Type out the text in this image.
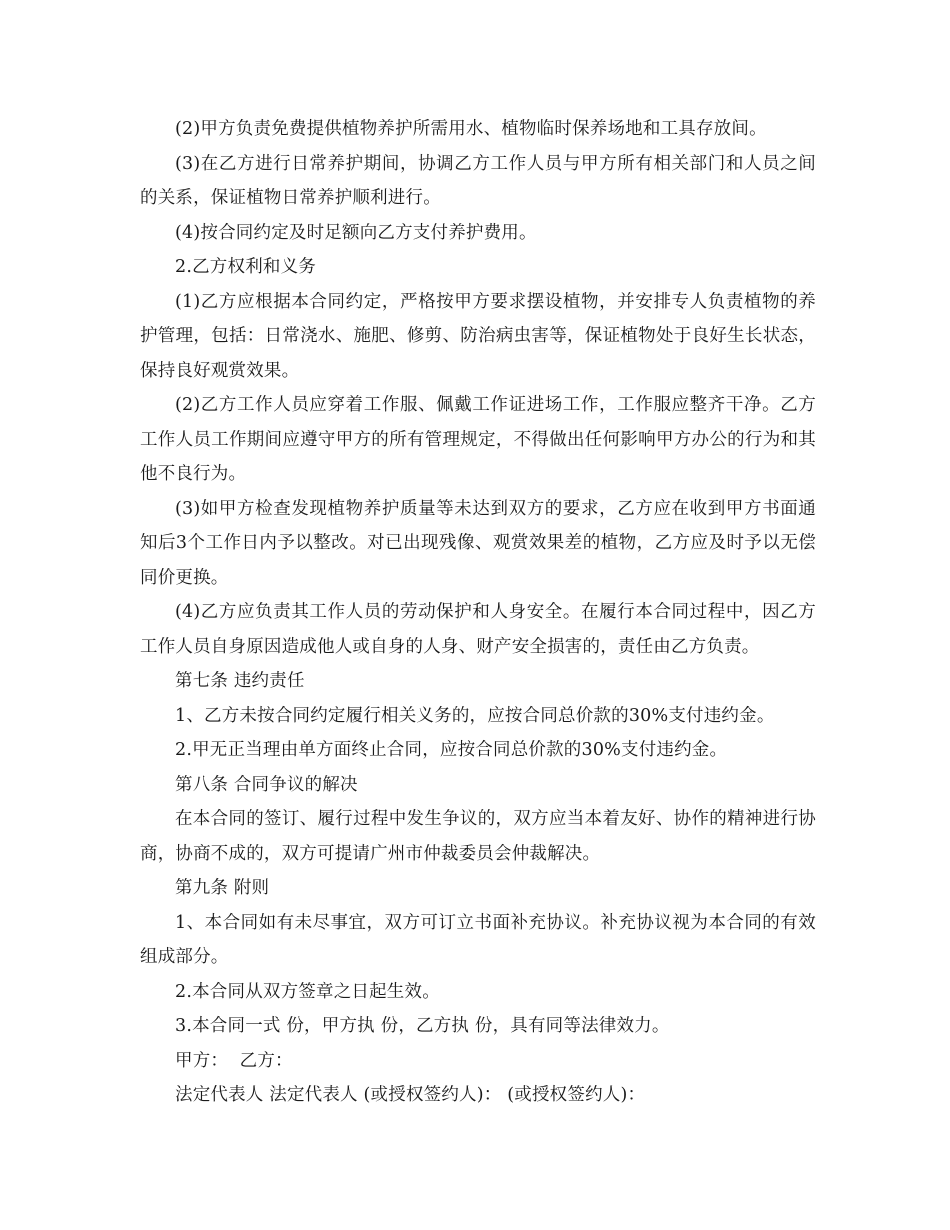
(2)甲方负责免费提供植物养护所需用水、植物临时保养场地和工具存放间。

(3)在乙方进行日常养护期间，协调乙方工作人员与甲方所有相关部门和人员之间的关系，保证植物日常养护顺利进行。

(4)按合同约定及时足额向乙方支付养护费用。

2.乙方权利和义务

(1)乙方应根据本合同约定，严格按甲方要求摆设植物，并安排专人负责植物的养护管理，包括：日常浇水、施肥、修剪、防治病虫害等，保证植物处于良好生长状态，保持良好观赏效果。

(2)乙方工作人员应穿着工作服、佩戴工作证进场工作，工作服应整齐干净。乙方工作人员工作期间应遵守甲方的所有管理规定，不得做出任何影响甲方办公的行为和其他不良行为。

(3)如甲方检查发现植物养护质量等未达到双方的要求，乙方应在收到甲方书面通知后3个工作日内予以整改。对已出现残像、观赏效果差的植物，乙方应及时予以无偿同价更换。

(4)乙方应负责其工作人员的劳动保护和人身安全。在履行本合同过程中，因乙方工作人员自身原因造成他人或自身的人身、财产安全损害的，责任由乙方负责。

第七条 违约责任

1、乙方未按合同约定履行相关义务的，应按合同总价款的30%支付违约金。

2.甲无正当理由单方面终止合同，应按合同总价款的30%支付违约金。

第八条 合同争议的解决

在本合同的签订、履行过程中发生争议的，双方应当本着友好、协作的精神进行协商，协商不成的，双方可提请广州市仲裁委员会仲裁解决。

第九条 附则

1、本合同如有未尽事宜，双方可订立书面补充协议。补充协议视为本合同的有效组成部分。

2.本合同从双方签章之日起生效。

3.本合同一式 份，甲方执 份，乙方执 份，具有同等法律效力。

甲方：  乙方：

法定代表人 法定代表人 (或授权签约人)： (或授权签约人)：
